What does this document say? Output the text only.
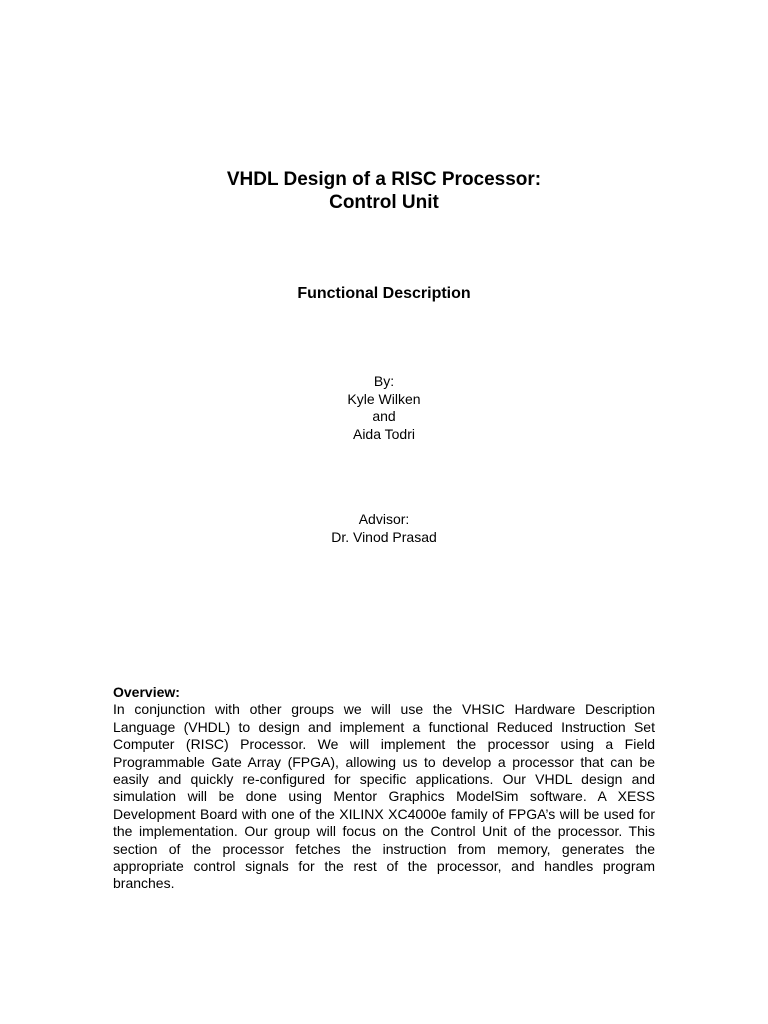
VHDL Design of a RISC Processor:
Control Unit
Functional Description
By:
Kyle Wilken
and
Aida Todri
Advisor:
Dr. Vinod Prasad
Overview:
In conjunction with other groups we will use the VHSIC Hardware Description Language (VHDL) to design and implement a functional Reduced Instruction Set Computer (RISC) Processor. We will implement the processor using a Field Programmable Gate Array (FPGA), allowing us to develop a processor that can be easily and quickly re-configured for specific applications. Our VHDL design and simulation will be done using Mentor Graphics ModelSim software. A XESS Development Board with one of the XILINX XC4000e family of FPGA’s will be used for the implementation. Our group will focus on the Control Unit of the processor. This section of the processor fetches the instruction from memory, generates the appropriate control signals for the rest of the processor, and handles program branches.
